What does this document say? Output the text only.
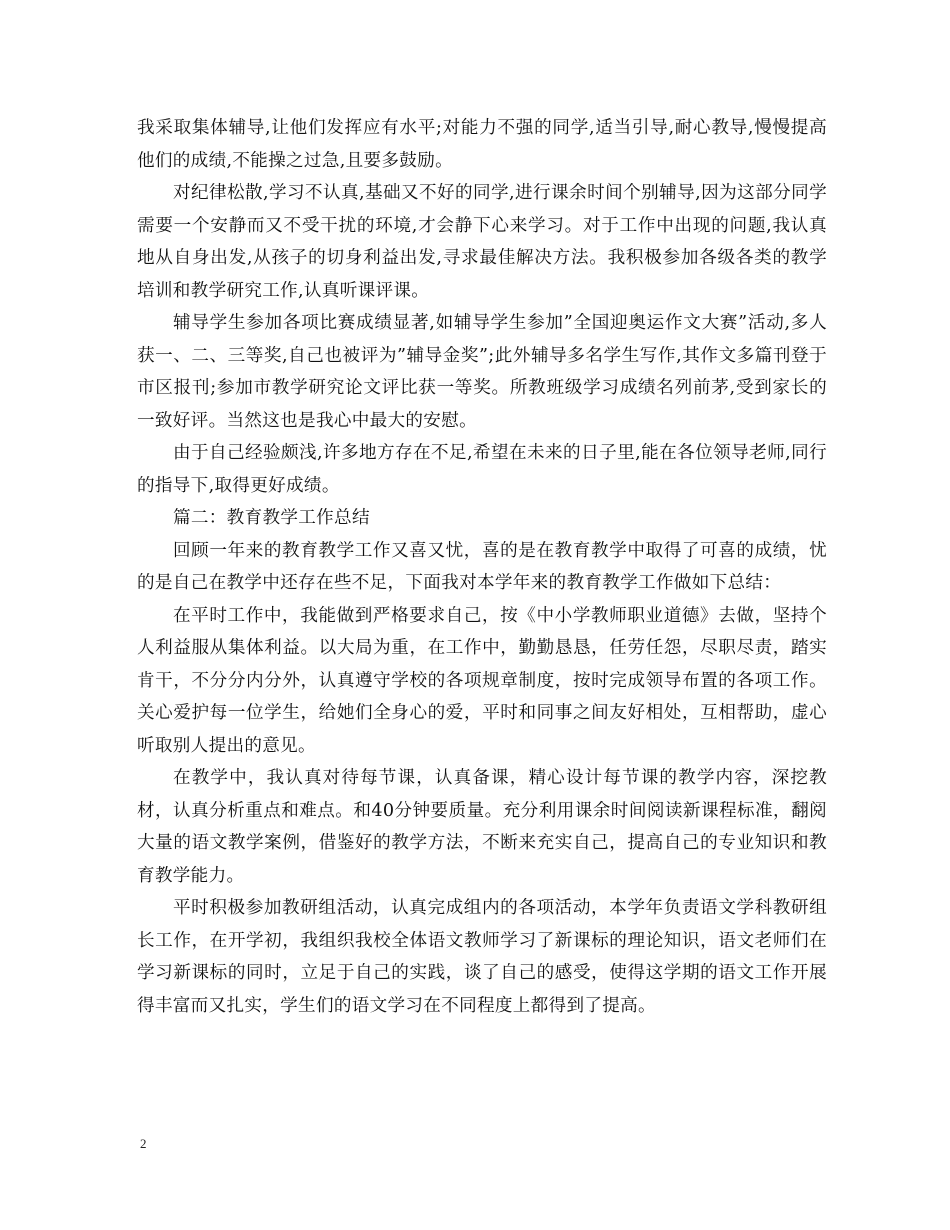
我采取集体辅导,让他们发挥应有水平;对能力不强的同学,适当引导,耐心教导,慢慢提高他们的成绩,不能操之过急,且要多鼓励。

对纪律松散,学习不认真,基础又不好的同学,进行课余时间个别辅导,因为这部分同学需要一个安静而又不受干扰的环境,才会静下心来学习。对于工作中出现的问题,我认真地从自身出发,从孩子的切身利益出发,寻求最佳解决方法。我积极参加各级各类的教学培训和教学研究工作,认真听课评课。

辅导学生参加各项比赛成绩显著,如辅导学生参加”全国迎奥运作文大赛”活动,多人获一、二、三等奖,自己也被评为”辅导金奖”;此外辅导多名学生写作,其作文多篇刊登于市区报刊;参加市教学研究论文评比获一等奖。所教班级学习成绩名列前茅,受到家长的一致好评。当然这也是我心中最大的安慰。

由于自己经验颇浅,许多地方存在不足,希望在未来的日子里,能在各位领导老师,同行的指导下,取得更好成绩。

篇二：教育教学工作总结

回顾一年来的教育教学工作又喜又忧，喜的是在教育教学中取得了可喜的成绩，忧的是自己在教学中还存在些不足，下面我对本学年来的教育教学工作做如下总结：

在平时工作中，我能做到严格要求自己，按《中小学教师职业道德》去做，坚持个人利益服从集体利益。以大局为重，在工作中，勤勤恳恳，任劳任怨，尽职尽责，踏实肯干，不分分内分外，认真遵守学校的各项规章制度，按时完成领导布置的各项工作。关心爱护每一位学生，给她们全身心的爱，平时和同事之间友好相处，互相帮助，虚心听取别人提出的意见。

在教学中，我认真对待每节课，认真备课，精心设计每节课的教学内容，深挖教材，认真分析重点和难点。和40分钟要质量。充分利用课余时间阅读新课程标准，翻阅大量的语文教学案例，借鉴好的教学方法，不断来充实自己，提高自己的专业知识和教育教学能力。

平时积极参加教研组活动，认真完成组内的各项活动，本学年负责语文学科教研组长工作，在开学初，我组织我校全体语文教师学习了新课标的理论知识，语文老师们在学习新课标的同时，立足于自己的实践，谈了自己的感受，使得这学期的语文工作开展得丰富而又扎实，学生们的语文学习在不同程度上都得到了提高。

2
